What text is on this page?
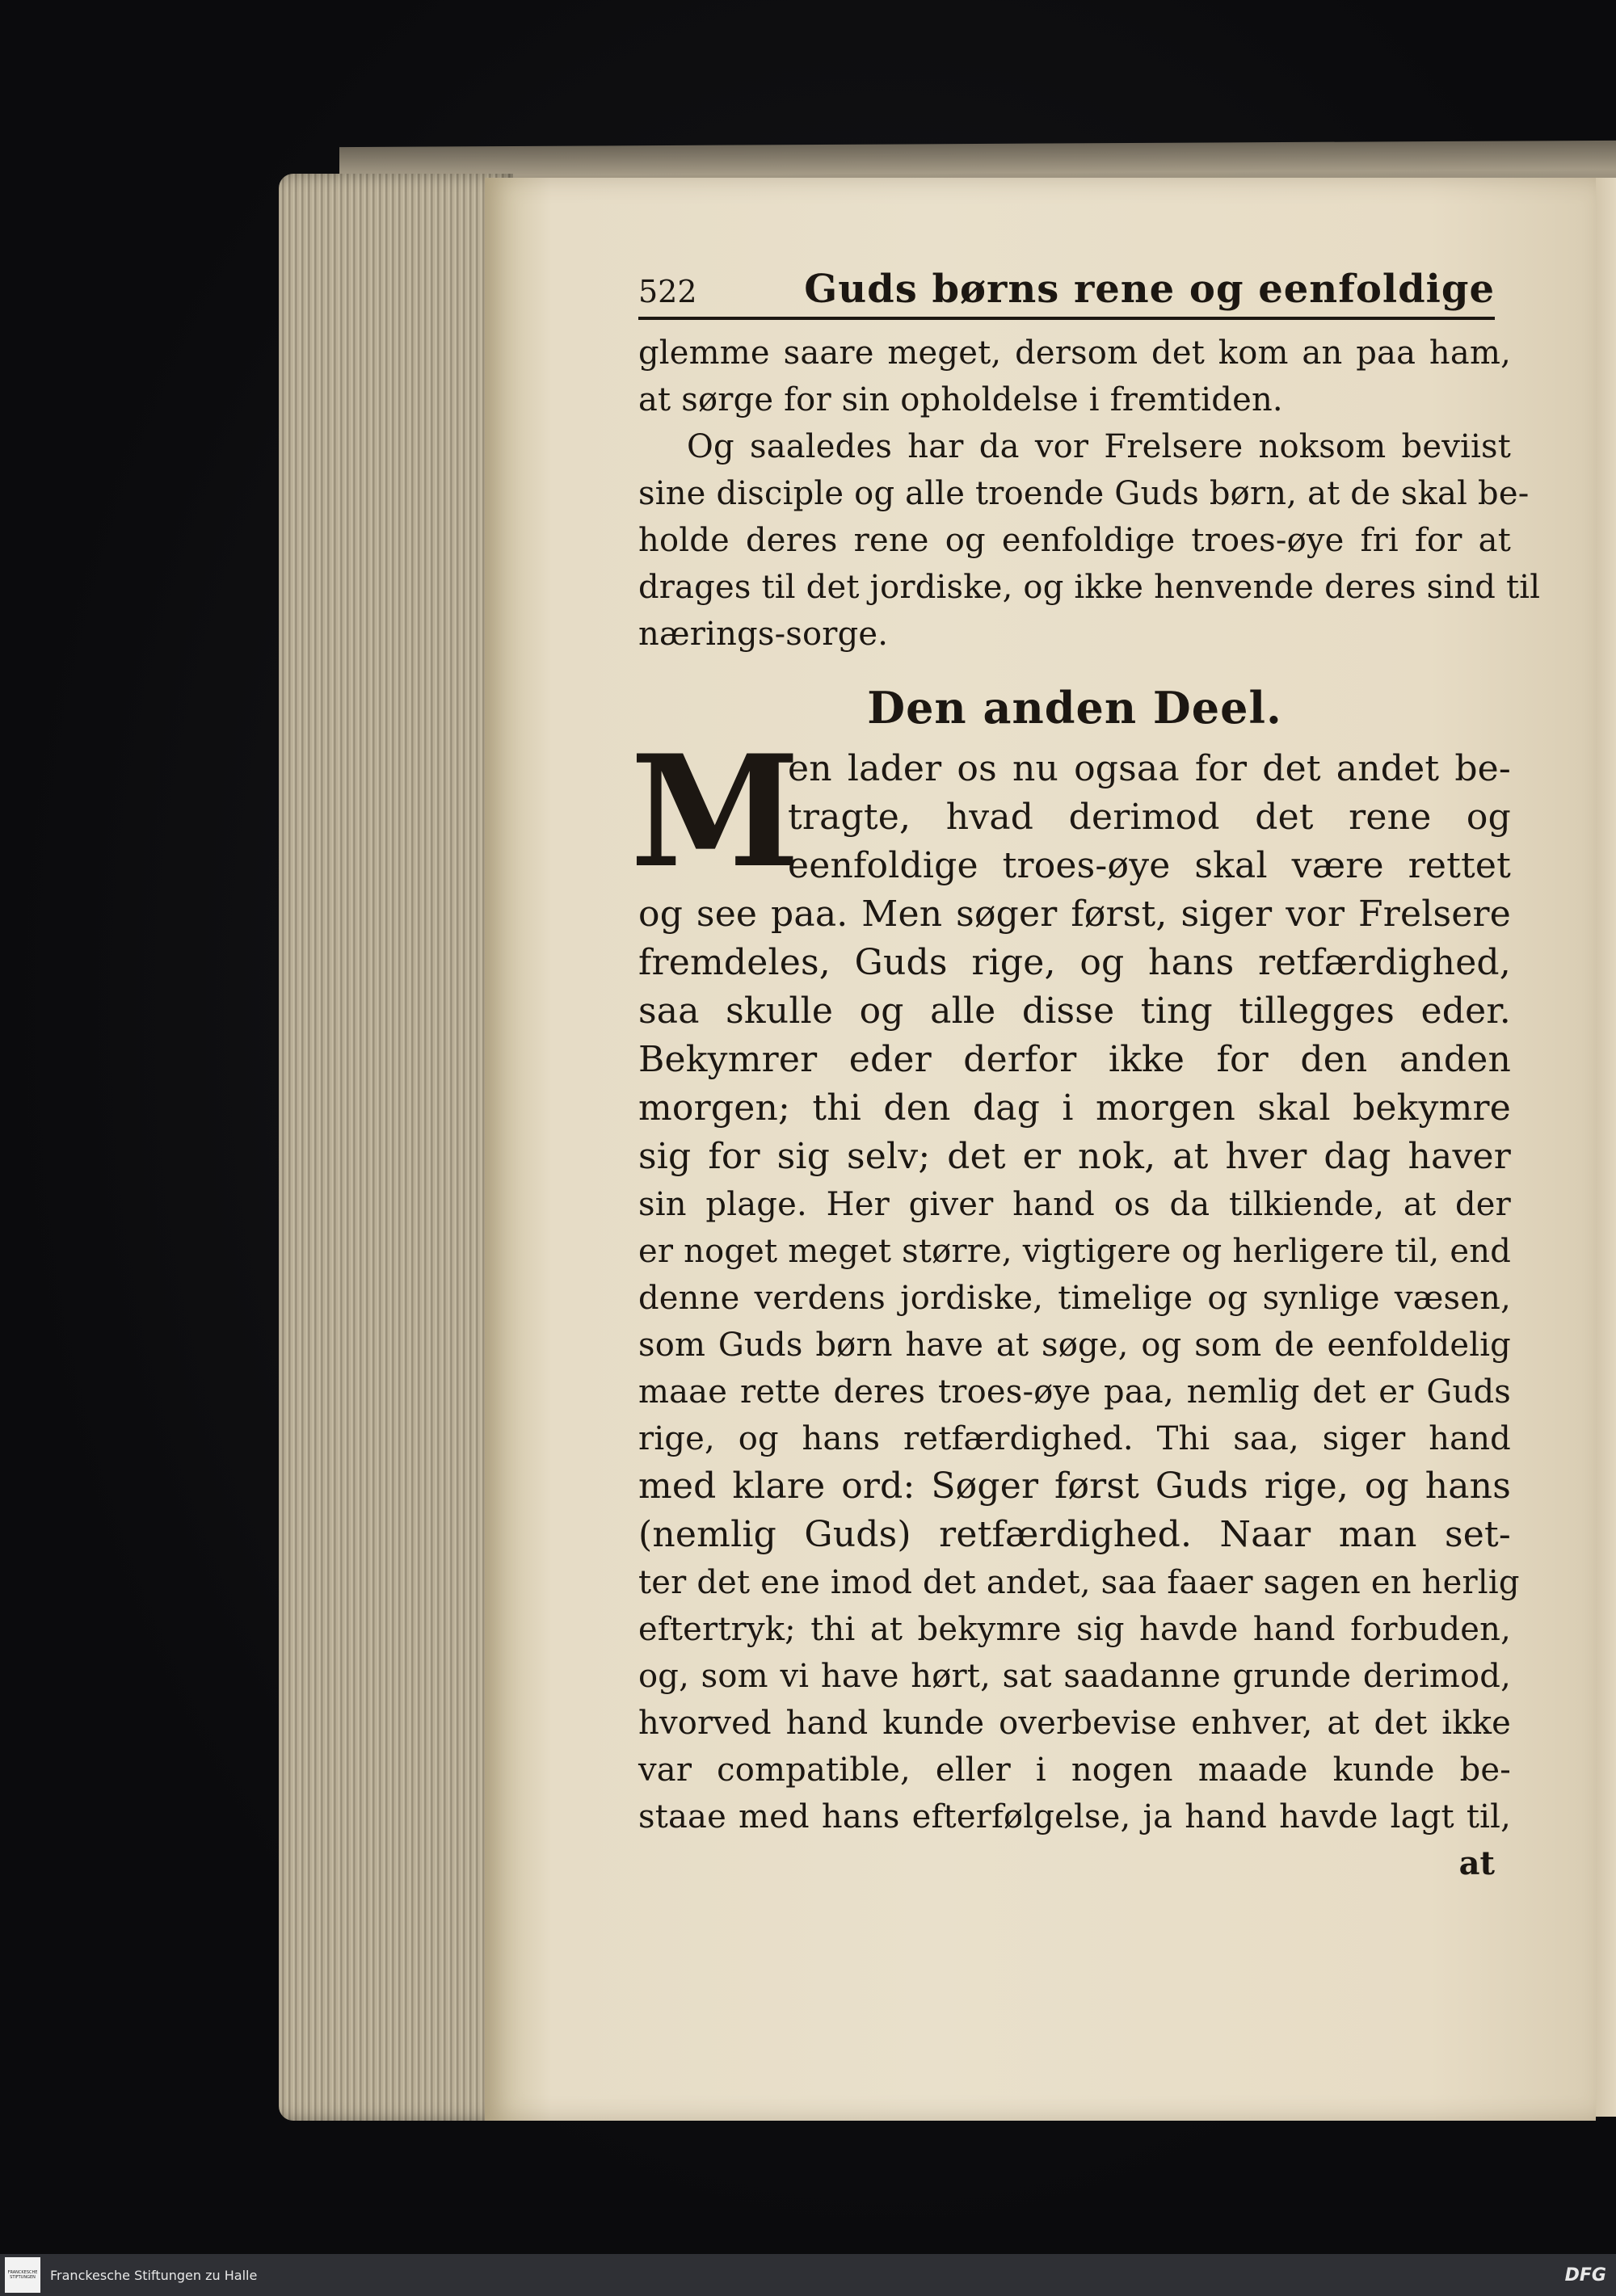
522	Guds børns rene og eenfoldige
glemme saare meget, dersom det kom an paa ham,
at sørge for sin opholdelse i fremtiden.
Og saaledes har da vor Frelsere noksom beviist
sine disciple og alle troende Guds børn, at de skal be-
holde deres rene og eenfoldige troes-øye fri for at
drages til det jordiske, og ikke henvende deres sind til
nærings-sorge.
Den anden Deel.
M
en lader os nu ogsaa for det andet be-
tragte, hvad derimod det rene og
eenfoldige troes-øye skal være rettet
og see paa. Men søger først, siger vor Frelsere
fremdeles, Guds rige, og hans retfærdighed,
saa skulle og alle disse ting tillegges eder.
Bekymrer eder derfor ikke for den anden
morgen; thi den dag i morgen skal bekymre
sig for sig selv; det er nok, at hver dag haver
sin plage. Her giver hand os da tilkiende, at der
er noget meget større, vigtigere og herligere til, end
denne verdens jordiske, timelige og synlige væsen,
som Guds børn have at søge, og som de eenfoldelig
maae rette deres troes-øye paa, nemlig det er Guds
rige, og hans retfærdighed. Thi saa, siger hand
med klare ord: Søger først Guds rige, og hans
(nemlig Guds) retfærdighed. Naar man set-
ter det ene imod det andet, saa faaer sagen en herlig
eftertryk; thi at bekymre sig havde hand forbuden,
og, som vi have hørt, sat saadanne grunde derimod,
hvorved hand kunde overbevise enhver, at det ikke
var compatible, eller i nogen maade kunde be-
staae med hans efterfølgelse, ja hand havde lagt til,
at
FRANCKESCHE STIFTUNGEN	Franckesche Stiftungen zu Halle	DFG
